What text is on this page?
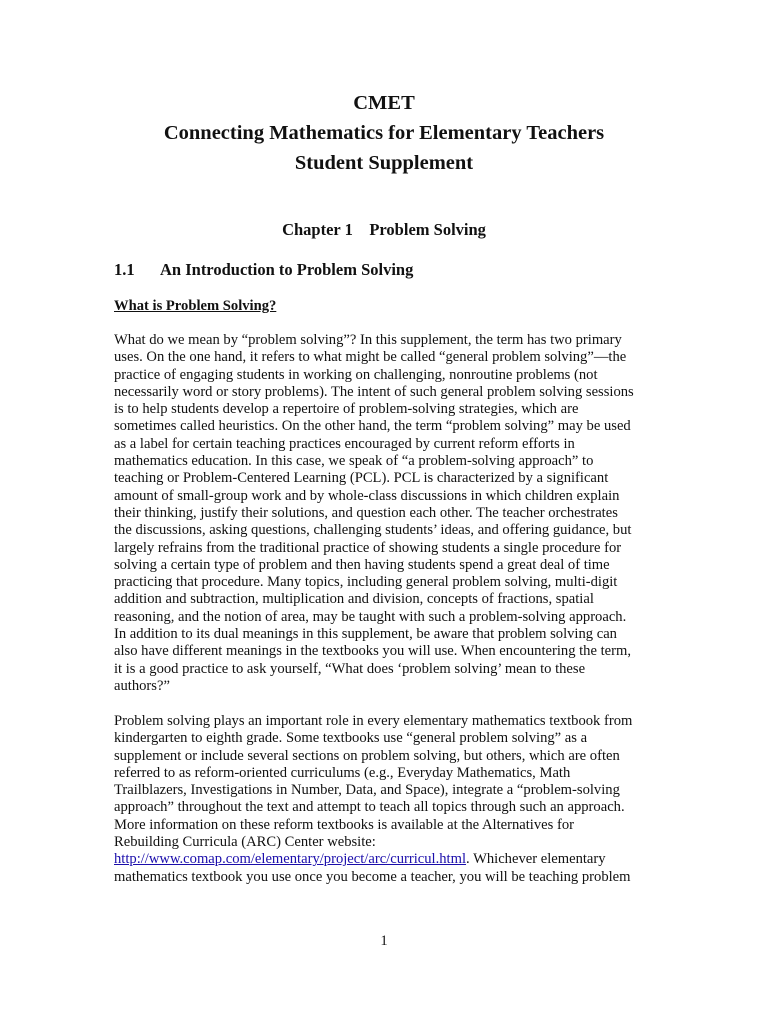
CMET
Connecting Mathematics for Elementary Teachers
Student Supplement
Chapter 1 Problem Solving
1.1 An Introduction to Problem Solving
What is Problem Solving?
What do we mean by “problem solving”? In this supplement, the term has two primary
uses. On the one hand, it refers to what might be called “general problem solving”—the
practice of engaging students in working on challenging, nonroutine problems (not
necessarily word or story problems). The intent of such general problem solving sessions
is to help students develop a repertoire of problem-solving strategies, which are
sometimes called heuristics. On the other hand, the term “problem solving” may be used
as a label for certain teaching practices encouraged by current reform efforts in
mathematics education. In this case, we speak of “a problem-solving approach” to
teaching or Problem-Centered Learning (PCL). PCL is characterized by a significant
amount of small-group work and by whole-class discussions in which children explain
their thinking, justify their solutions, and question each other. The teacher orchestrates
the discussions, asking questions, challenging students’ ideas, and offering guidance, but
largely refrains from the traditional practice of showing students a single procedure for
solving a certain type of problem and then having students spend a great deal of time
practicing that procedure. Many topics, including general problem solving, multi-digit
addition and subtraction, multiplication and division, concepts of fractions, spatial
reasoning, and the notion of area, may be taught with such a problem-solving approach.
In addition to its dual meanings in this supplement, be aware that problem solving can
also have different meanings in the textbooks you will use. When encountering the term,
it is a good practice to ask yourself, “What does ‘problem solving’ mean to these
authors?”
Problem solving plays an important role in every elementary mathematics textbook from
kindergarten to eighth grade. Some textbooks use “general problem solving” as a
supplement or include several sections on problem solving, but others, which are often
referred to as reform-oriented curriculums (e.g., Everyday Mathematics, Math
Trailblazers, Investigations in Number, Data, and Space), integrate a “problem-solving
approach” throughout the text and attempt to teach all topics through such an approach.
More information on these reform textbooks is available at the Alternatives for
Rebuilding Curricula (ARC) Center website:
http://www.comap.com/elementary/project/arc/curricul.html. Whichever elementary
mathematics textbook you use once you become a teacher, you will be teaching problem
1
